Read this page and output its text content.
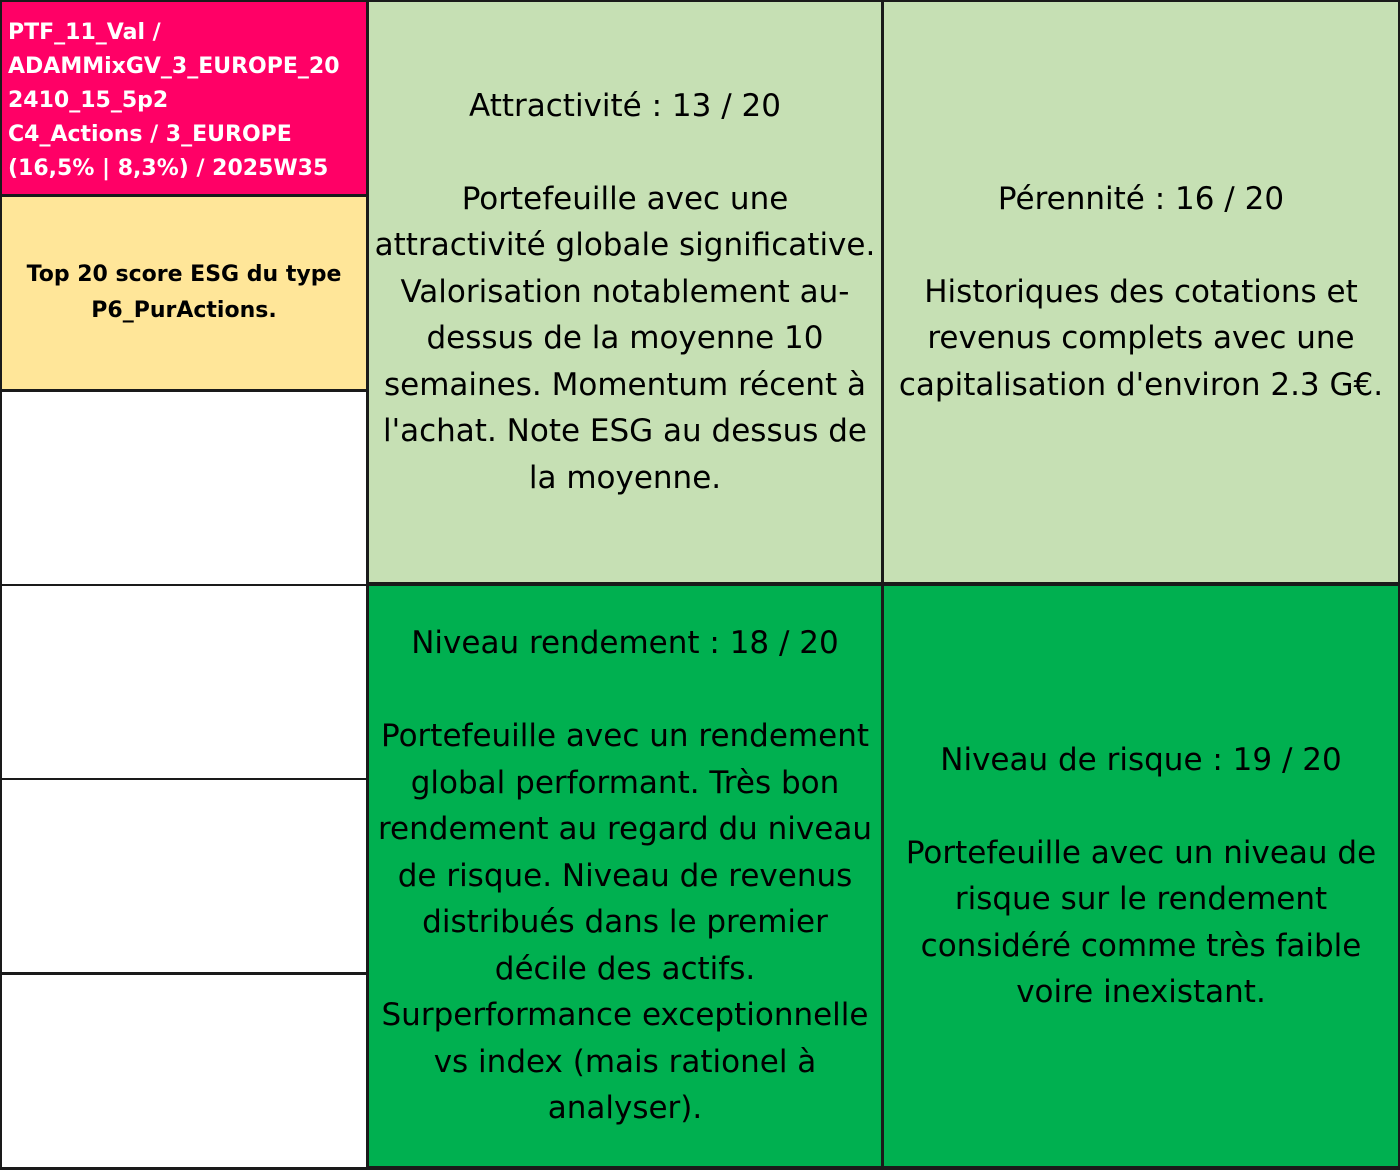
PTF_11_Val /
ADAMMixGV_3_EUROPE_20
2410_15_5p2
C4_Actions / 3_EUROPE
(16,5% | 8,3%) / 2025W35
Top 20 score ESG du type P6_PurActions.
Attractivité : 13 / 20
Portefeuille avec une attractivité globale significative. Valorisation notablement au-dessus de la moyenne 10 semaines. Momentum récent à l'achat. Note ESG au dessus de la moyenne.
Pérennité : 16 / 20
Historiques des cotations et revenus complets avec une capitalisation d'environ 2.3 G€.
Niveau rendement : 18 / 20
Portefeuille avec un rendement global performant. Très bon rendement au regard du niveau de risque. Niveau de revenus distribués dans le premier décile des actifs. Surperformance exceptionnelle vs index (mais rationel à analyser).
Niveau de risque : 19 / 20
Portefeuille avec un niveau de risque sur le rendement considéré comme très faible voire inexistant.
